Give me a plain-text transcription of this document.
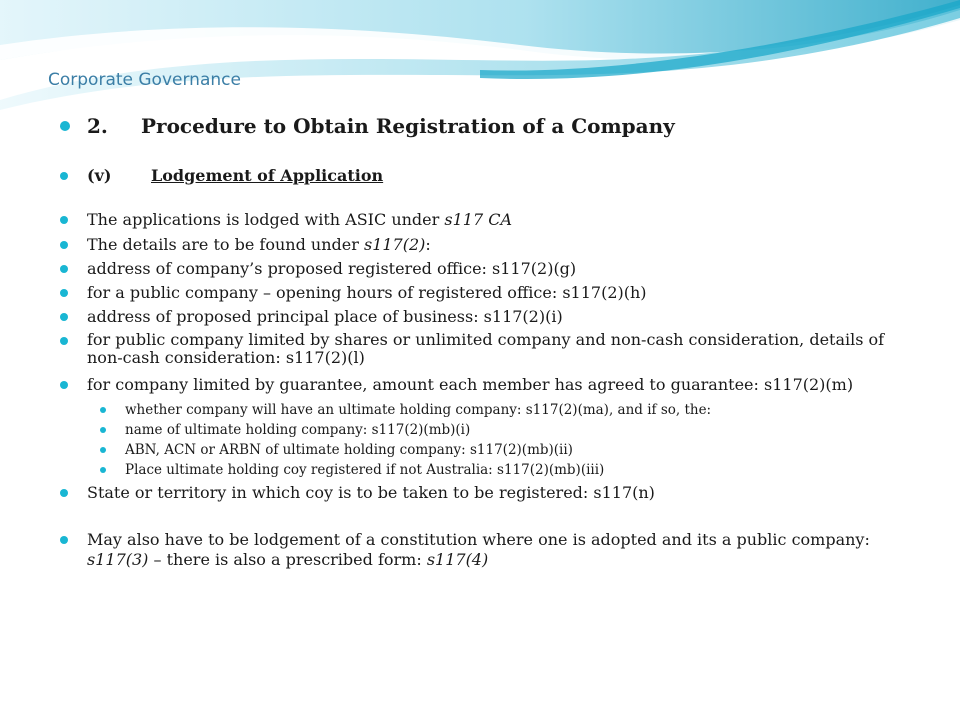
Corporate Governance
2. Procedure to Obtain Registration of a Company
(v) Lodgement of Application
The applications is lodged with ASIC under s117 CA
The details are to be found under s117(2):
address of company’s proposed registered office: s117(2)(g)
for a public company – opening hours of registered office: s117(2)(h)
address of proposed principal place of business: s117(2)(i)
for public company limited by shares or unlimited company and non-cash consideration, details of non-cash consideration: s117(2)(l)
for company limited by guarantee, amount each member has agreed to guarantee: s117(2)(m)
whether company will have an ultimate holding company: s117(2)(ma), and if so, the:
name of ultimate holding company: s117(2)(mb)(i)
ABN, ACN or ARBN of ultimate holding company: s117(2)(mb)(ii)
Place ultimate holding coy registered if not Australia: s117(2)(mb)(iii)
State or territory in which coy is to be taken to be registered: s117(n)
May also have to be lodgement of a constitution where one is adopted and its a public company: s117(3) – there is also a prescribed form: s117(4)
